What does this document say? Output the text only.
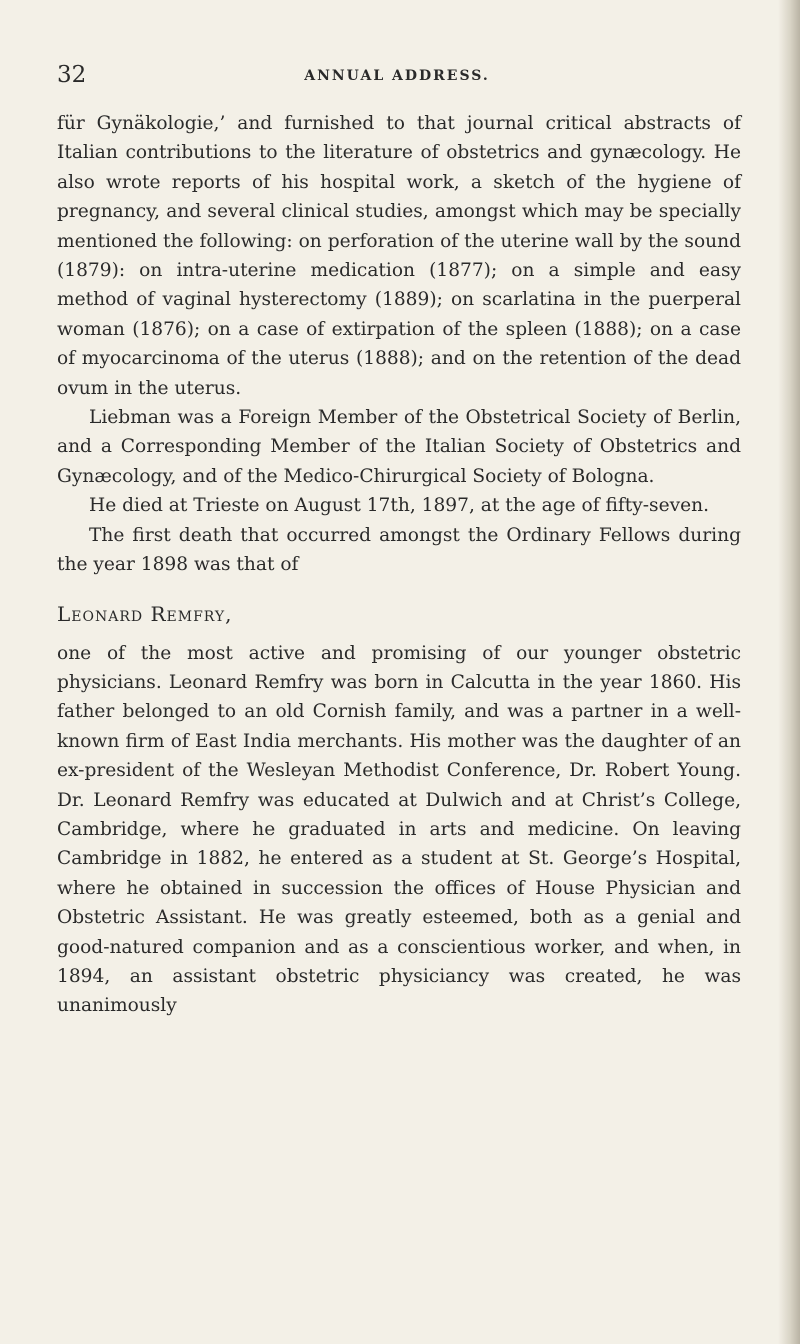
32	ANNUAL ADDRESS.

für Gynäkologie,’ and furnished to that journal critical abstracts of Italian contributions to the literature of obstetrics and gynæcology. He also wrote reports of his hospital work, a sketch of the hygiene of pregnancy, and several clinical studies, amongst which may be specially mentioned the following: on perforation of the uterine wall by the sound (1879): on intra-uterine medication (1877); on a simple and easy method of vaginal hysterectomy (1889); on scarlatina in the puerperal woman (1876); on a case of extirpation of the spleen (1888); on a case of myocarcinoma of the uterus (1888); and on the retention of the dead ovum in the uterus.

Liebman was a Foreign Member of the Obstetrical Society of Berlin, and a Corresponding Member of the Italian Society of Obstetrics and Gynæcology, and of the Medico-Chirurgical Society of Bologna.

He died at Trieste on August 17th, 1897, at the age of fifty-seven.

The first death that occurred amongst the Ordinary Fellows during the year 1898 was that of

Leonard Remfry,

one of the most active and promising of our younger obstetric physicians. Leonard Remfry was born in Calcutta in the year 1860. His father belonged to an old Cornish family, and was a partner in a well-known firm of East India merchants. His mother was the daughter of an ex-president of the Wesleyan Methodist Conference, Dr. Robert Young. Dr. Leonard Remfry was educated at Dulwich and at Christ’s College, Cambridge, where he graduated in arts and medicine. On leaving Cambridge in 1882, he entered as a student at St. George’s Hospital, where he obtained in succession the offices of House Physician and Obstetric Assistant. He was greatly esteemed, both as a genial and good-natured companion and as a conscientious worker, and when, in 1894, an assistant obstetric physiciancy was created, he was unanimously
